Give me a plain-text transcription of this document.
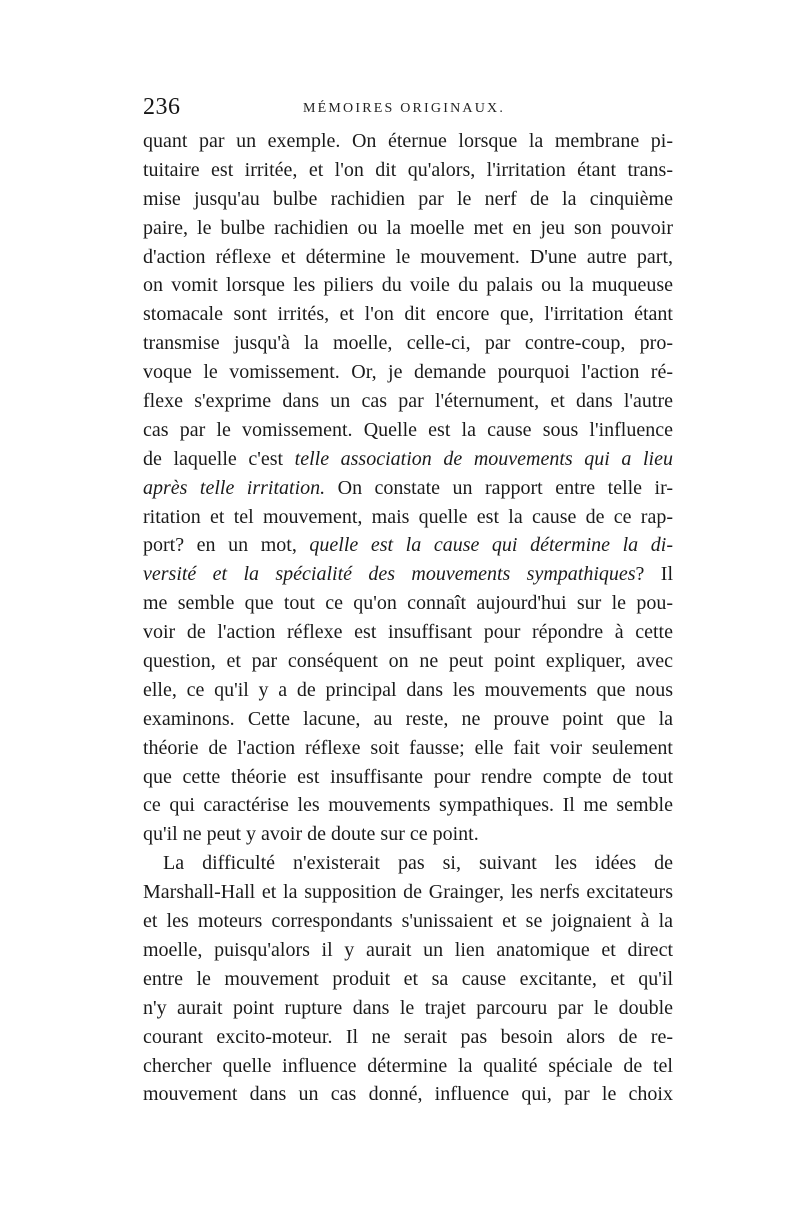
236	MÉMOIRES ORIGINAUX.
quant par un exemple. On éternue lorsque la membrane pi-
tuitaire est irritée, et l'on dit qu'alors, l'irritation étant trans-
mise jusqu'au bulbe rachidien par le nerf de la cinquième
paire, le bulbe rachidien ou la moelle met en jeu son pouvoir
d'action réflexe et détermine le mouvement. D'une autre part,
on vomit lorsque les piliers du voile du palais ou la muqueuse
stomacale sont irrités, et l'on dit encore que, l'irritation étant
transmise jusqu'à la moelle, celle-ci, par contre-coup, pro-
voque le vomissement. Or, je demande pourquoi l'action ré-
flexe s'exprime dans un cas par l'éternument, et dans l'autre
cas par le vomissement. Quelle est la cause sous l'influence
de laquelle c'est telle association de mouvements qui a lieu
après telle irritation. On constate un rapport entre telle ir-
ritation et tel mouvement, mais quelle est la cause de ce rap-
port? en un mot, quelle est la cause qui détermine la di-
versité et la spécialité des mouvements sympathiques? Il
me semble que tout ce qu'on connaît aujourd'hui sur le pou-
voir de l'action réflexe est insuffisant pour répondre à cette
question, et par conséquent on ne peut point expliquer, avec
elle, ce qu'il y a de principal dans les mouvements que nous
examinons. Cette lacune, au reste, ne prouve point que la
théorie de l'action réflexe soit fausse; elle fait voir seulement
que cette théorie est insuffisante pour rendre compte de tout
ce qui caractérise les mouvements sympathiques. Il me semble
qu'il ne peut y avoir de doute sur ce point.
La difficulté n'existerait pas si, suivant les idées de
Marshall-Hall et la supposition de Grainger, les nerfs excitateurs
et les moteurs correspondants s'unissaient et se joignaient à la
moelle, puisqu'alors il y aurait un lien anatomique et direct
entre le mouvement produit et sa cause excitante, et qu'il
n'y aurait point rupture dans le trajet parcouru par le double
courant excito-moteur. Il ne serait pas besoin alors de re-
chercher quelle influence détermine la qualité spéciale de tel
mouvement dans un cas donné, influence qui, par le choix
